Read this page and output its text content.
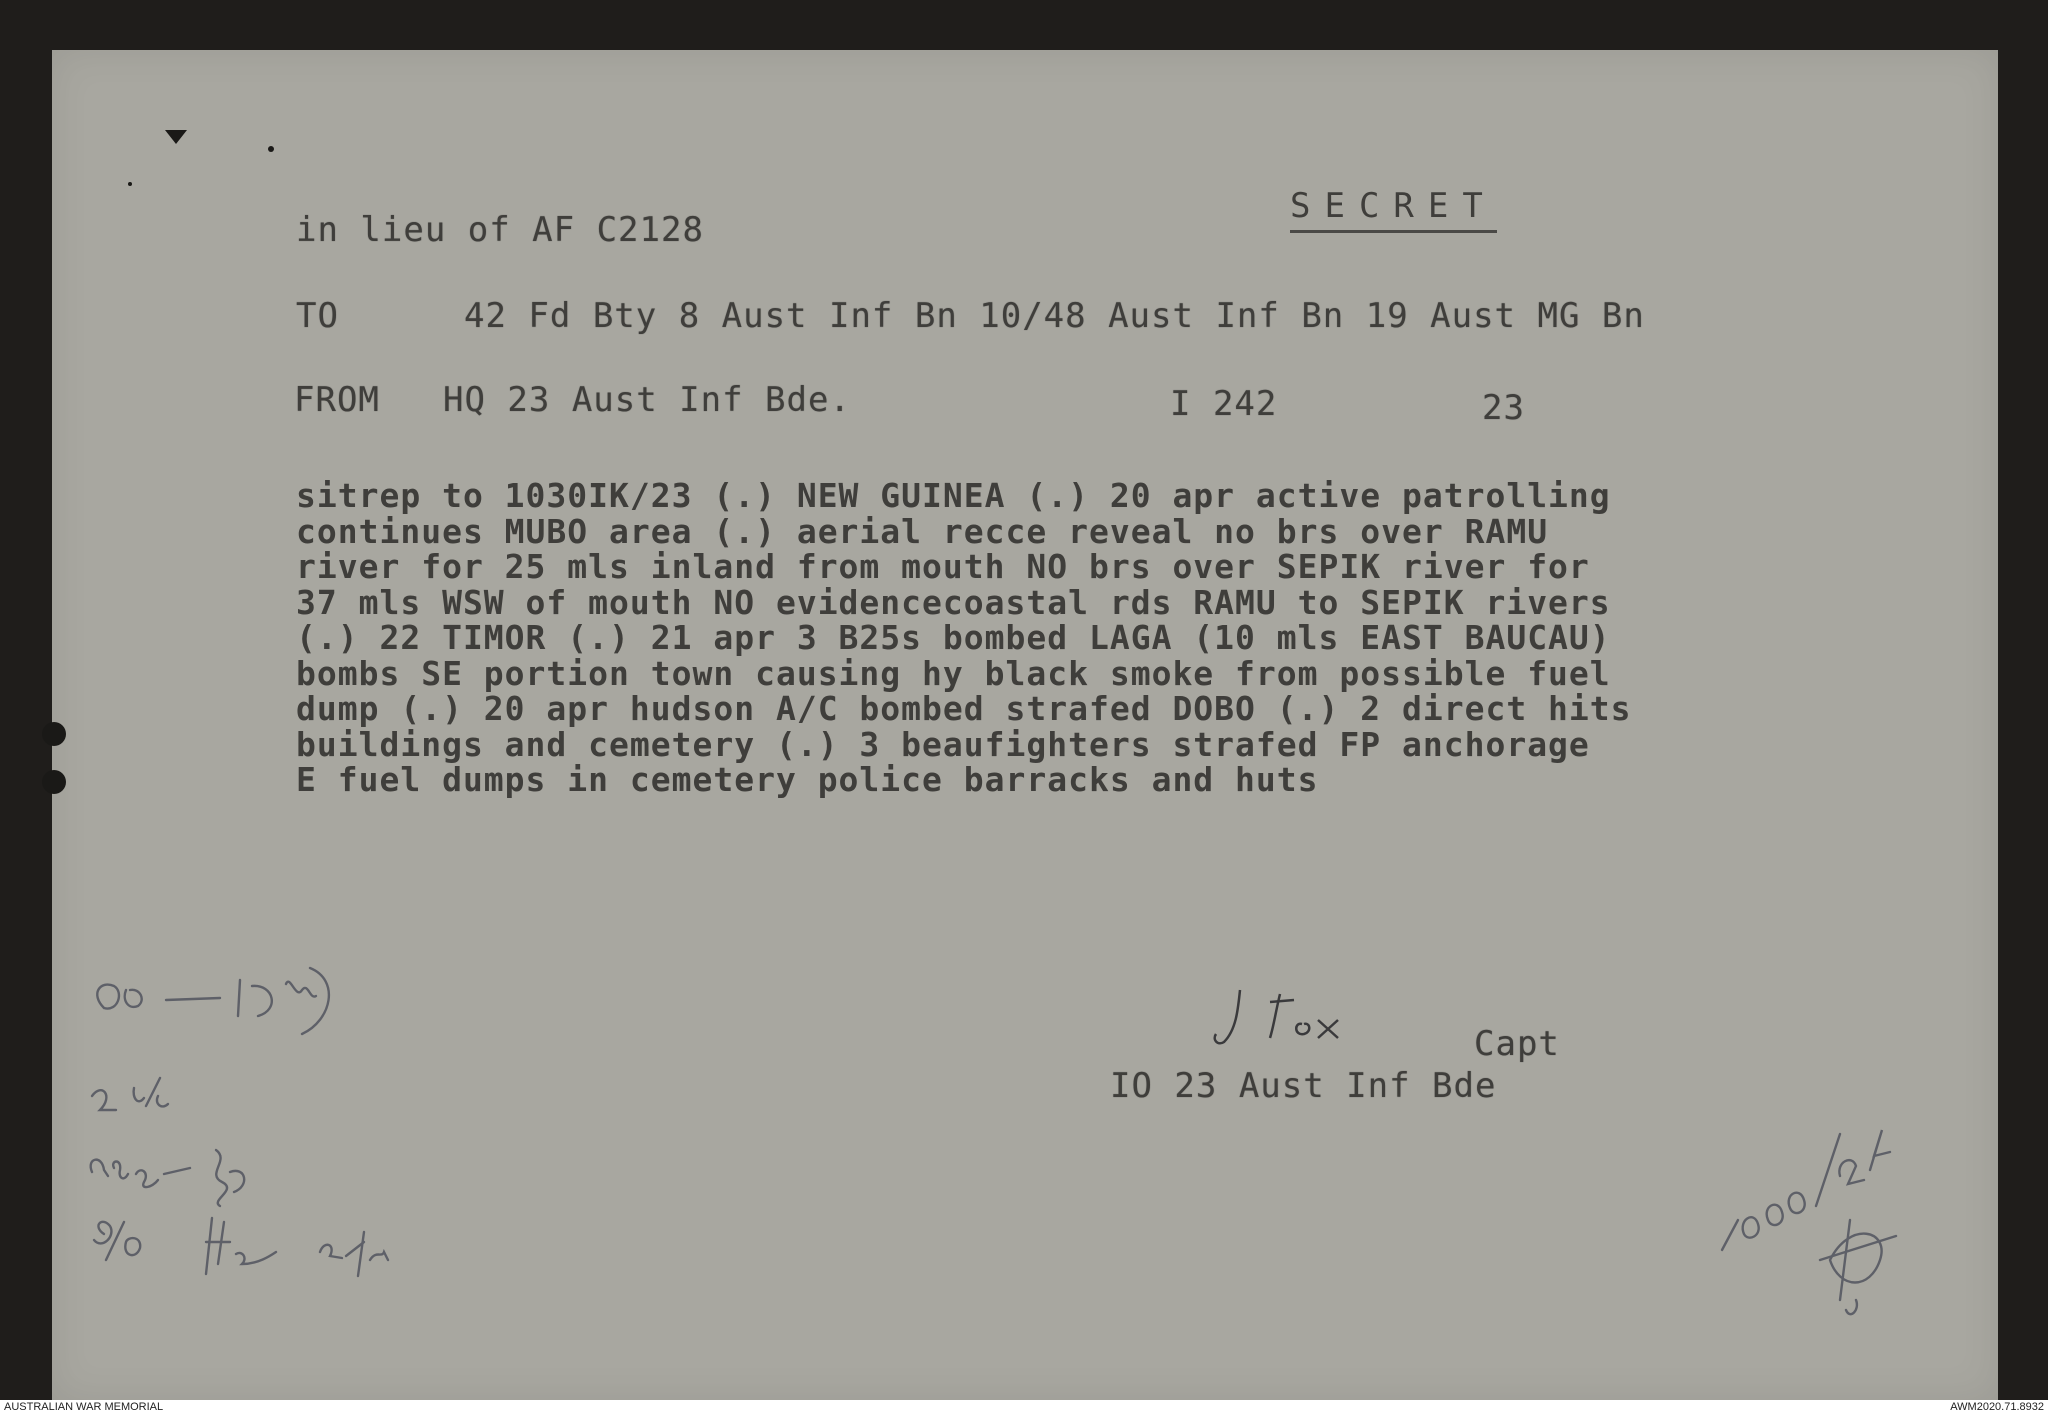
SECRET

in lieu of AF C2128

TO	42 Fd Bty 8 Aust Inf Bn 10/48 Aust Inf Bn 19 Aust MG Bn

FROM HQ 23 Aust Inf Bde.	I 242	23

sitrep to 1030IK/23 (.) NEW GUINEA (.) 20 apr active patrolling
continues MUBO area (.) aerial recce reveal no brs over RAMU
river for 25 mls inland from mouth NO brs over SEPIK river for
37 mls WSW of mouth NO evidencecoastal rds RAMU to SEPIK rivers
(.) 22 TIMOR (.) 21 apr 3 B25s bombed LAGA (10 mls EAST BAUCAU)
bombs SE portion town causing hy black smoke from possible fuel
dump (.) 20 apr hudson A/C bombed strafed DOBO (.) 2 direct hits
buildings and cemetery (.) 3 beaufighters strafed FP anchorage
E fuel dumps in cemetery police barracks and huts

Capt

IO 23 Aust Inf Bde

AUSTRALIAN WAR MEMORIAL	AWM2020.71.8932
